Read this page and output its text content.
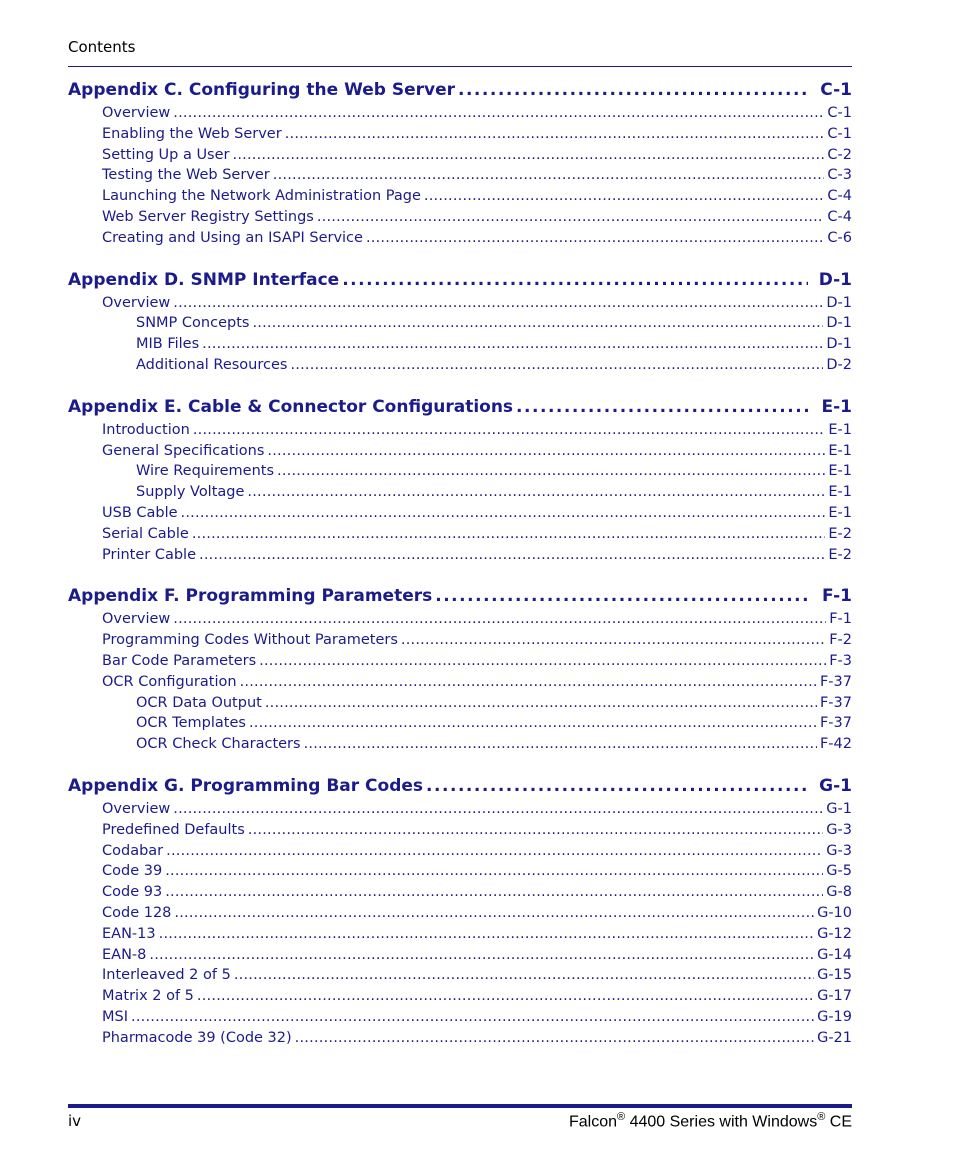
Contents
Appendix C. Configuring the Web Server . . .	C-1
Overview . . .	C-1
Enabling the Web Server . . .	C-1
Setting Up a User . . .	C-2
Testing the Web Server . . .	C-3
Launching the Network Administration Page . . .	C-4
Web Server Registry Settings . . .	C-4
Creating and Using an ISAPI Service . . .	C-6
Appendix D. SNMP Interface . . .	D-1
Overview . . .	D-1
SNMP Concepts . . .	D-1
MIB Files . . .	D-1
Additional Resources . . .	D-2
Appendix E. Cable & Connector Configurations . . .	E-1
Introduction . . .	E-1
General Specifications . . .	E-1
Wire Requirements . . .	E-1
Supply Voltage . . .	E-1
USB Cable . . .	E-1
Serial Cable . . .	E-2
Printer Cable . . .	E-2
Appendix F. Programming Parameters . . .	F-1
Overview . . .	F-1
Programming Codes Without Parameters . . .	F-2
Bar Code Parameters . . .	F-3
OCR Configuration . . .	F-37
OCR Data Output . . .	F-37
OCR Templates . . .	F-37
OCR Check Characters . . .	F-42
Appendix G. Programming Bar Codes . . .	G-1
Overview . . .	G-1
Predefined Defaults . . .	G-3
Codabar . . .	G-3
Code 39 . . .	G-5
Code 93 . . .	G-8
Code 128 . . .	G-10
EAN-13 . . .	G-12
EAN-8 . . .	G-14
Interleaved 2 of 5 . . .	G-15
Matrix 2 of 5 . . .	G-17
MSI . . .	G-19
Pharmacode 39 (Code 32) . . .	G-21
iv	Falcon® 4400 Series with Windows® CE
